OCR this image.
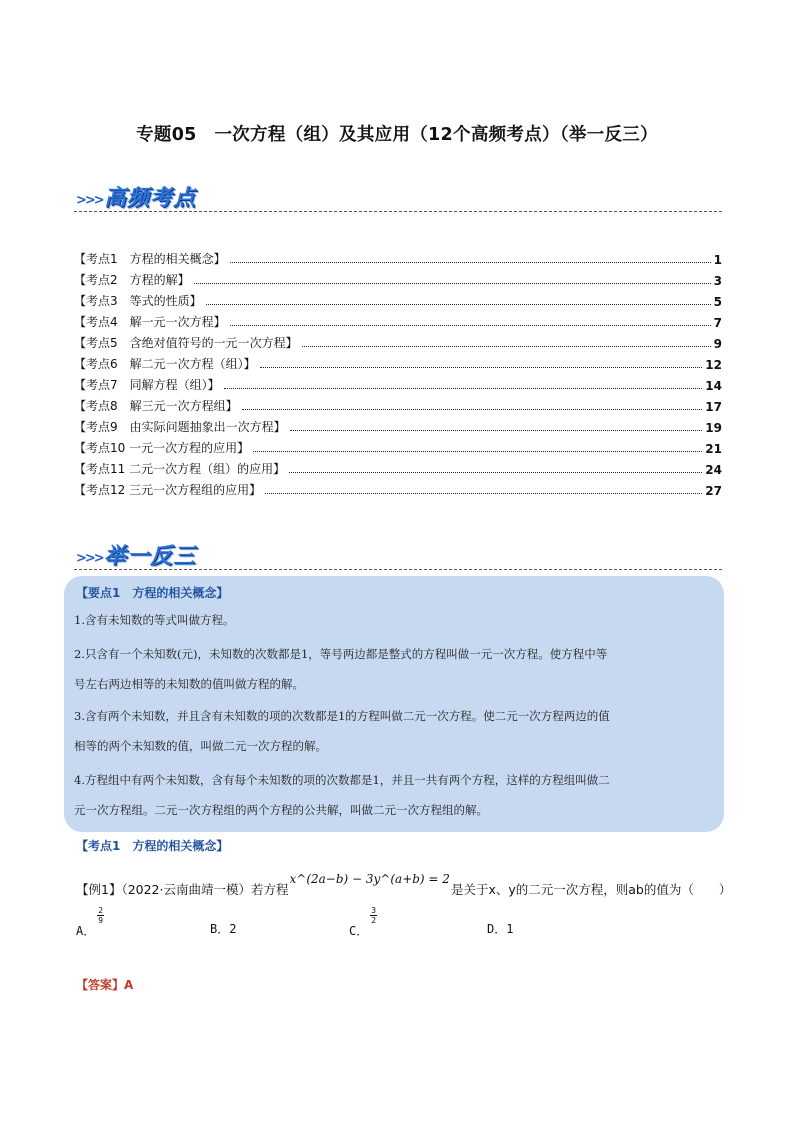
专题05　一次方程（组）及其应用（12个高频考点）（举一反三）
>>> 高频考点
【考点1　方程的相关概念】	1
【考点2　方程的解】	3
【考点3　等式的性质】	5
【考点4　解一元一次方程】	7
【考点5　含绝对值符号的一元一次方程】	9
【考点6　解二元一次方程（组）】	12
【考点7　同解方程（组）】	14
【考点8　解三元一次方程组】	17
【考点9　由实际问题抽象出一次方程】	19
【考点10 一元一次方程的应用】	21
【考点11 二元一次方程（组）的应用】	24
【考点12 三元一次方程组的应用】	27
>>> 举一反三
【要点1　方程的相关概念】
1.含有未知数的等式叫做方程。
2.只含有一个未知数(元)，未知数的次数都是1，等号两边都是整式的方程叫做一元一次方程。使方程中等
号左右两边相等的未知数的值叫做方程的解。
3.含有两个未知数，并且含有未知数的项的次数都是1的方程叫做二元一次方程。使二元一次方程两边的值
相等的两个未知数的值，叫做二元一次方程的解。
4.方程组中有两个未知数，含有每个未知数的项的次数都是1，并且一共有两个方程，这样的方程组叫做二
元一次方程组。二元一次方程组的两个方程的公共解，叫做二元一次方程组的解。
【考点1　方程的相关概念】
【例1】（2022·云南曲靖一模）若方程x^(2a−b) − 3y^(a+b) = 2是关于x、y的二元一次方程，则ab的值为（　　）
A．
$\frac{2}{9}$
B．2	C．
$\frac{3}{2}$
D．1
【答案】A
